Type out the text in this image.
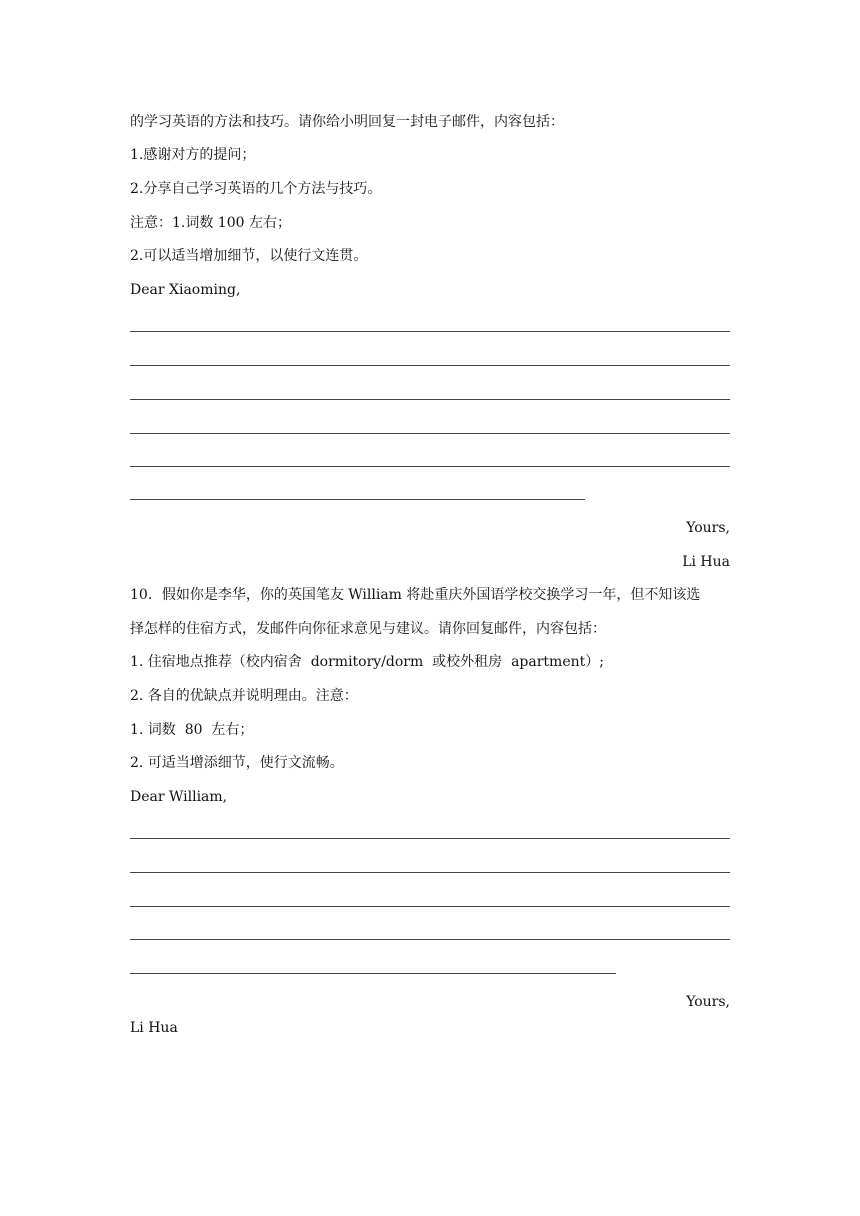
的学习英语的方法和技巧。请你给小明回复一封电子邮件，内容包括：
1.感谢对方的提问；
2.分享自己学习英语的几个方法与技巧。
注意：1.词数 100 左右；
2.可以适当增加细节，以使行文连贯。
Dear Xiaoming,
Yours,
Li Hua
10．假如你是李华，你的英国笔友 William 将赴重庆外国语学校交换学习一年，但不知该选
择怎样的住宿方式，发邮件向你征求意见与建议。请你回复邮件，内容包括：
1. 住宿地点推荐（校内宿舍  dormitory/dorm  或校外租房  apartment）;
2. 各自的优缺点并说明理由。注意：
1. 词数  80  左右；
2. 可适当增添细节，使行文流畅。
Dear William,
Yours,
Li Hua
